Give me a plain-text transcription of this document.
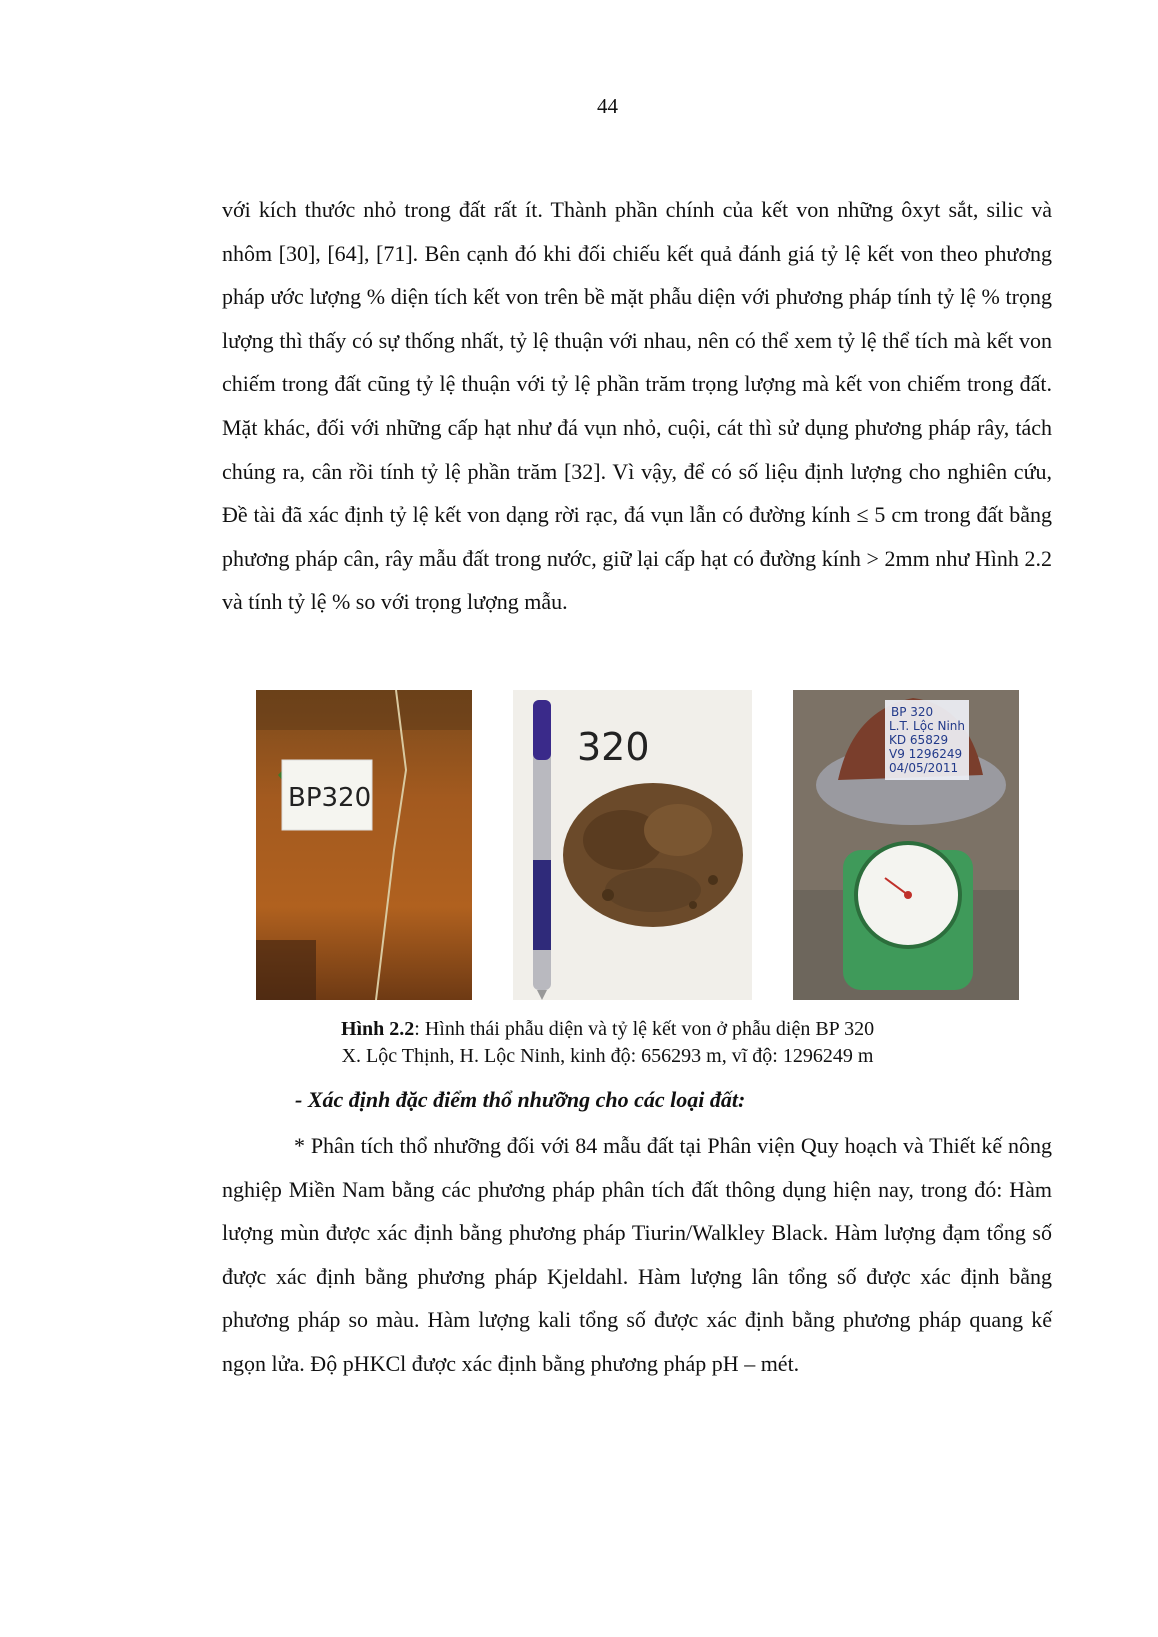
44

với kích thước nhỏ trong đất rất ít. Thành phần chính của kết von những ôxyt sắt, silic và nhôm [30], [64], [71]. Bên cạnh đó khi đối chiếu kết quả đánh giá tỷ lệ kết von theo phương pháp ước lượng % diện tích kết von trên bề mặt phẫu diện với phương pháp tính tỷ lệ % trọng lượng thì thấy có sự thống nhất, tỷ lệ thuận với nhau, nên có thể xem tỷ lệ thể tích mà kết von chiếm trong đất cũng tỷ lệ thuận với tỷ lệ phần trăm trọng lượng mà kết von chiếm trong đất. Mặt khác, đối với những cấp hạt như đá vụn nhỏ, cuội, cát thì sử dụng phương pháp rây, tách chúng ra, cân rồi tính tỷ lệ phần trăm [32]. Vì vậy, để có số liệu định lượng cho nghiên cứu, Đề tài đã xác định tỷ lệ kết von dạng rời rạc, đá vụn lẫn có đường kính ≤ 5 cm trong đất bằng phương pháp cân, rây mẫu đất trong nước, giữ lại cấp hạt có đường kính > 2mm như Hình 2.2 và tính tỷ lệ % so với trọng lượng mẫu.

BP320
320
BP 320 L.T. Lộc Ninh KD 65829 V9 1296249 04/05/2011
Hình 2.2: Hình thái phẫu diện và tỷ lệ kết von ở phẫu diện BP 320
X. Lộc Thịnh, H. Lộc Ninh, kinh độ: 656293 m, vĩ độ: 1296249 m
- Xác định đặc điểm thổ nhưỡng cho các loại đất:

* Phân tích thổ nhưỡng đối với 84 mẫu đất tại Phân viện Quy hoạch và Thiết kế nông nghiệp Miền Nam bằng các phương pháp phân tích đất thông dụng hiện nay, trong đó: Hàm lượng mùn được xác định bằng phương pháp Tiurin/Walkley Black. Hàm lượng đạm tổng số được xác định bằng phương pháp Kjeldahl. Hàm lượng lân tổng số được xác định bằng phương pháp so màu. Hàm lượng kali tổng số được xác định bằng phương pháp quang kế ngọn lửa. Độ pHKCl được xác định bằng phương pháp pH – mét.
